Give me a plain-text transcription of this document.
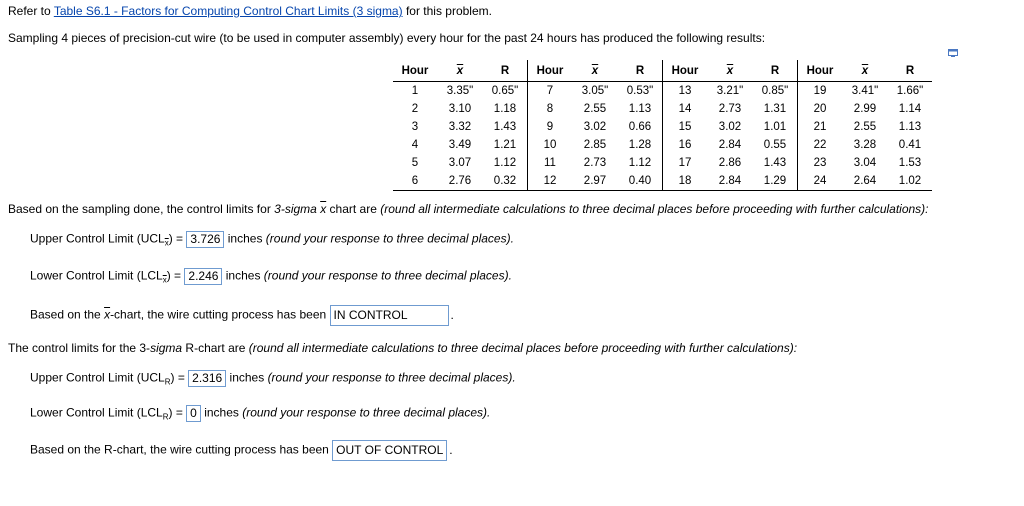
Refer to Table S6.1 - Factors for Computing Control Chart Limits (3 sigma) for this problem.
Sampling 4 pieces of precision-cut wire (to be used in computer assembly) every hour for the past 24 hours has produced the following results:
Hour	$\overline{x}$	R	Hour	$\overline{x}$	R	Hour	$\overline{x}$	R	Hour	$\overline{x}$	R
1	3.35"	0.65"	7	3.05"	0.53"	13	3.21"	0.85"	19	3.41"	1.66"
2	3.10	1.18	8	2.55	1.13	14	2.73	1.31	20	2.99	1.14
3	3.32	1.43	9	3.02	0.66	15	3.02	1.01	21	2.55	1.13
4	3.49	1.21	10	2.85	1.28	16	2.84	0.55	22	3.28	0.41
5	3.07	1.12	11	2.73	1.12	17	2.86	1.43	23	3.04	1.53
6	2.76	0.32	12	2.97	0.40	18	2.84	1.29	24	2.64	1.02
Based on the sampling done, the control limits for 3-sigma $\overline{x}$ chart are (round all intermediate calculations to three decimal places before proceeding with further calculations):
Upper Control Limit $(UCL_{\overline{x}}) = 3.726$ inches (round your response to three decimal places).
Lower Control Limit $(LCL_{\overline{x}}) = 2.246$ inches (round your response to three decimal places).
Based on the $\overline{x}$-chart, the wire cutting process has been IN CONTROL	.
The control limits for the 3-sigma R-chart are (round all intermediate calculations to three decimal places before proceeding with further calculations):
Upper Control Limit $(UCL_R) = 2.316$ inches (round your response to three decimal places).
Lower Control Limit $(LCL_R) = 0$ inches (round your response to three decimal places).
Based on the R-chart, the wire cutting process has been OUT OF CONTROL .
